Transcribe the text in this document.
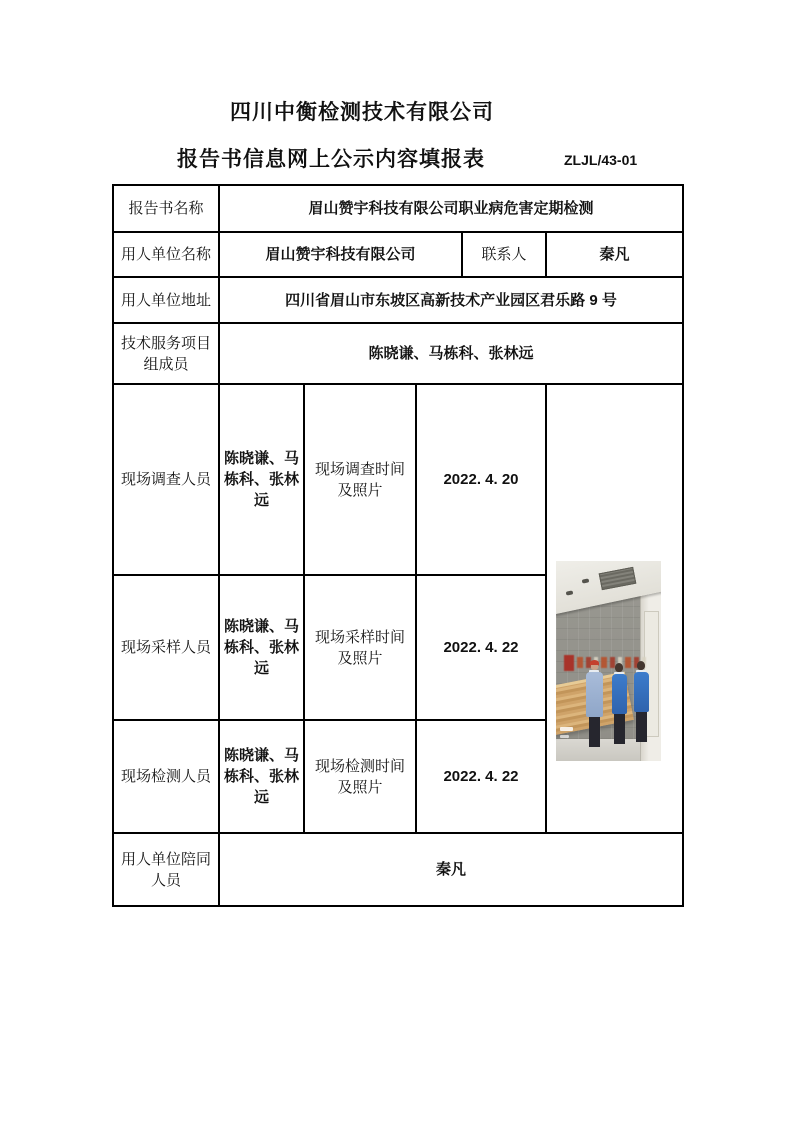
四川中衡检测技术有限公司
报告书信息网上公示内容填报表	ZLJL/43-01
报告书名称	眉山赞宇科技有限公司职业病危害定期检测				
用人单位名称	眉山赞宇科技有限公司			联系人	秦凡
用人单位地址	四川省眉山市东坡区高新技术产业园区君乐路 9 号				
技术服务项目组成员	陈晓谦、马栋科、张林远				
现场调查人员	陈晓谦、马栋科、张林远	现场调查时间及照片	2022. 4. 20		

现场采样人员	陈晓谦、马栋科、张林远	现场采样时间及照片	2022. 4. 22		
现场检测人员	陈晓谦、马栋科、张林远	现场检测时间及照片	2022. 4. 22		
用人单位陪同人员	秦凡				
